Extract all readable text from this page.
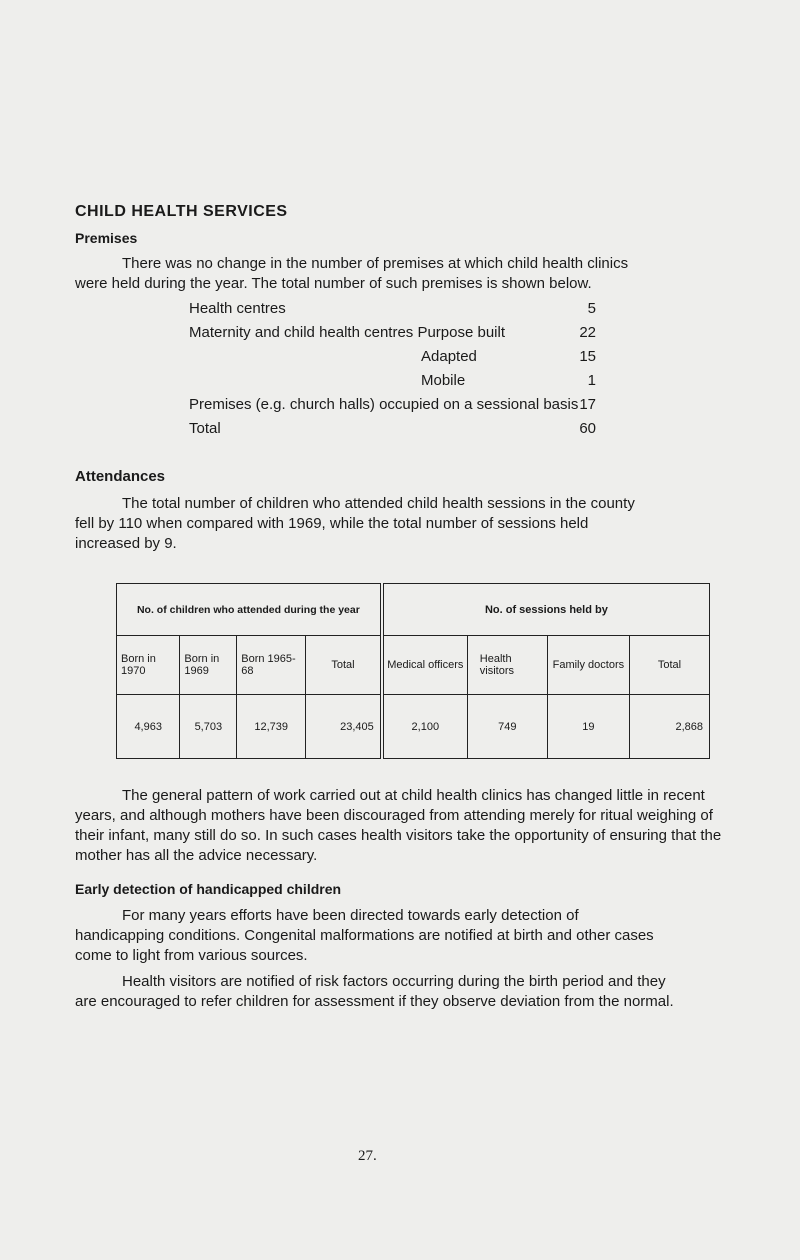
CHILD HEALTH SERVICES
Premises

There was no change in the number of premises at which child health clinics were held during the year. The total number of such premises is shown below.

Health centres	5
Maternity and child health centres Purpose built	22
Adapted	15
Mobile	1
Premises (e.g. church halls) occupied on a sessional basis 17
Total	60
Attendances

The total number of children who attended child health sessions in the county fell by 110 when compared with 1969, while the total number of sessions held increased by 9.

No. of children who attended during the year				No. of sessions held by			
Born in 1970	Born in 1969	Born 1965-68	Total	Medical officers	Health visitors	Family doctors	Total
4,963	5,703	12,739	23,405	2,100	749	19	2,868

The general pattern of work carried out at child health clinics has changed little in recent years, and although mothers have been discouraged from attending merely for ritual weighing of their infant, many still do so. In such cases health visitors take the opportunity of ensuring that the mother has all the advice necessary.

Early detection of handicapped children

For many years efforts have been directed towards early detection of handicapping conditions. Congenital malformations are notified at birth and other cases come to light from various sources.

Health visitors are notified of risk factors occurring during the birth period and they are encouraged to refer children for assessment if they observe deviation from the normal.

27.
